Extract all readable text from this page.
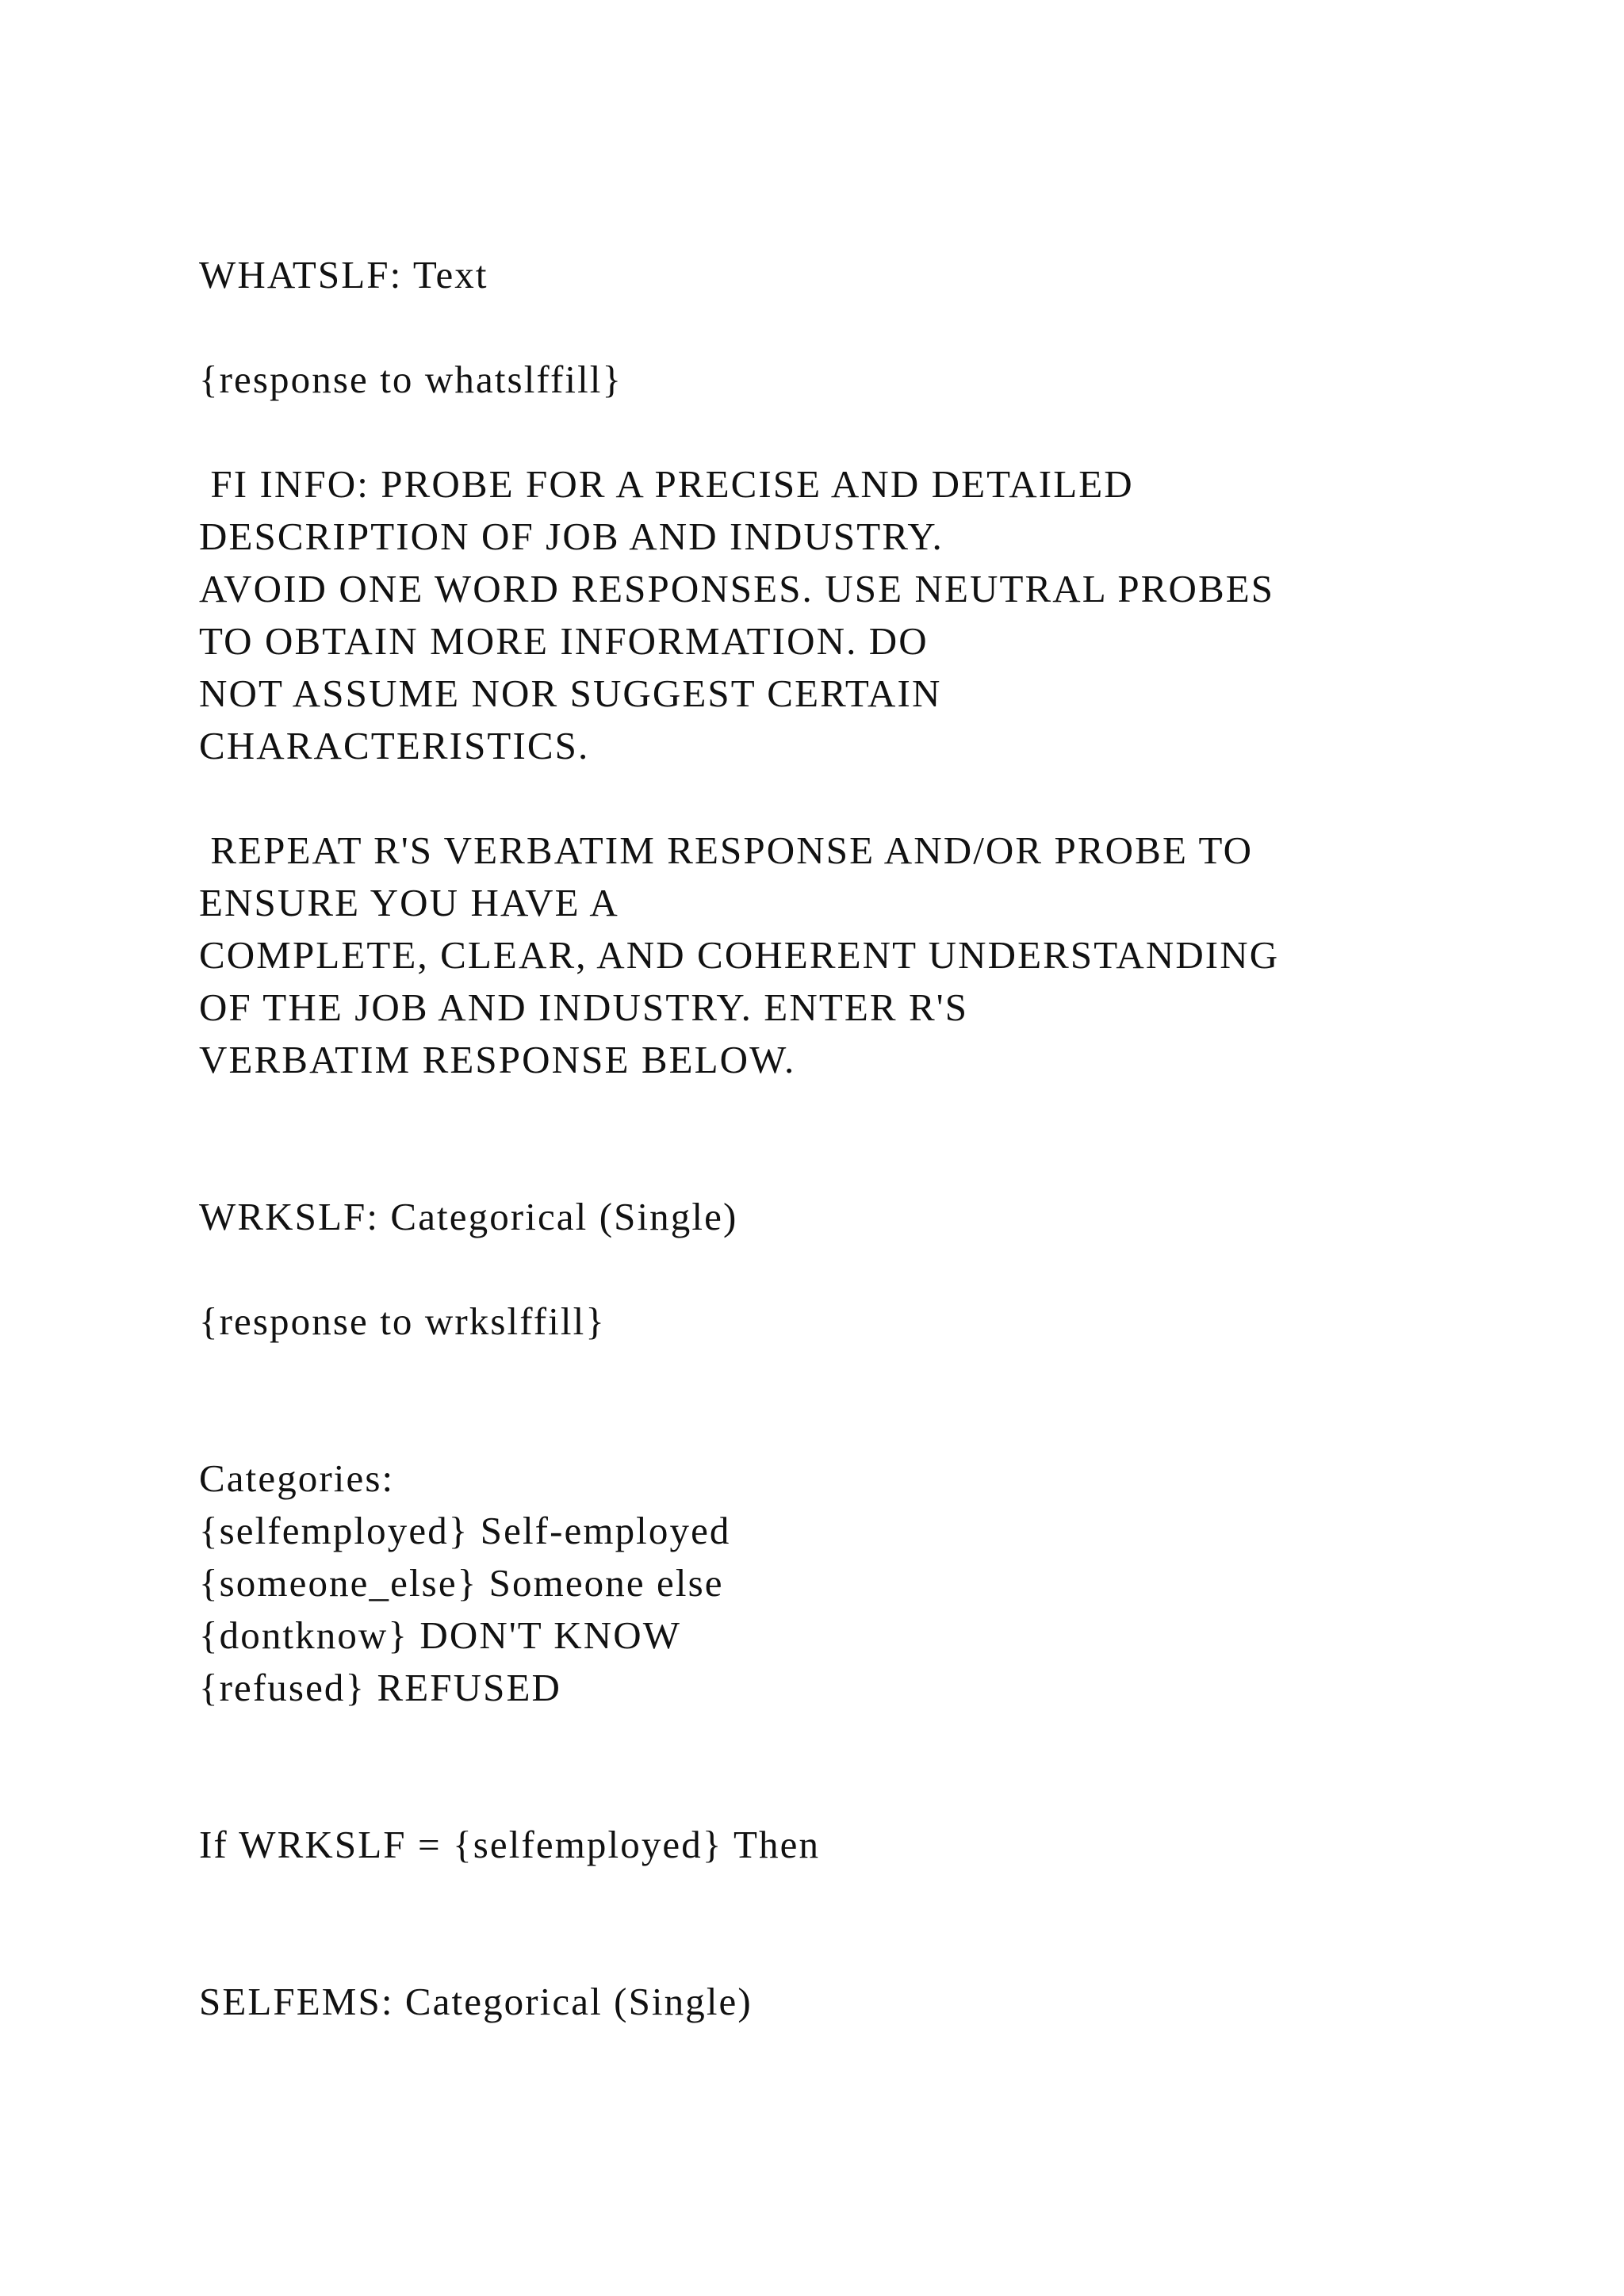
WHATSLF: Text

{response to whatslffill}

FI INFO: PROBE FOR A PRECISE AND DETAILED

DESCRIPTION OF JOB AND INDUSTRY.

AVOID ONE WORD RESPONSES. USE NEUTRAL PROBES

TO OBTAIN MORE INFORMATION. DO

NOT ASSUME NOR SUGGEST CERTAIN

CHARACTERISTICS.

REPEAT R'S VERBATIM RESPONSE AND/OR PROBE TO

ENSURE YOU HAVE A

COMPLETE, CLEAR, AND COHERENT UNDERSTANDING

OF THE JOB AND INDUSTRY. ENTER R'S

VERBATIM RESPONSE BELOW.

WRKSLF: Categorical (Single)

{response to wrkslffill}

Categories:

{selfemployed} Self-employed

{someone_else} Someone else

{dontknow} DON'T KNOW

{refused} REFUSED

If WRKSLF = {selfemployed} Then

SELFEMS: Categorical (Single)
